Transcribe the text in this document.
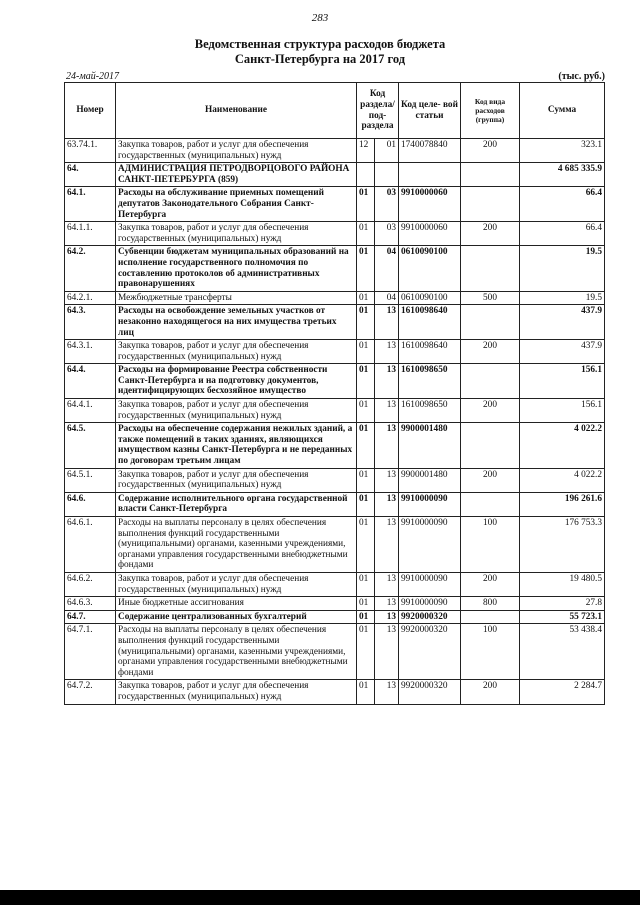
283
Ведомственная структура расходов бюджета
Санкт-Петербурга на 2017 год
24-май-2017	(тыс. руб.)
Номер	Наименование	Код раздела/ под- раздела		Код целе- вой статьи	Код вида расходов (группа)	Сумма
63.74.1.	Закупка товаров, работ и услуг для обеспечения государственных (муниципальных) нужд	12	01	1740078840	200	323.1
64.	АДМИНИСТРАЦИЯ ПЕТРОДВОРЦОВОГО РАЙОНА САНКТ-ПЕТЕРБУРГА (859)					4 685 335.9
64.1.	Расходы на обслуживание приемных помещений депутатов Законодательного Собрания Санкт-Петербурга	01	03	9910000060		66.4
64.1.1.	Закупка товаров, работ и услуг для обеспечения государственных (муниципальных) нужд	01	03	9910000060	200	66.4
64.2.	Субвенции бюджетам муниципальных образований на исполнение государственного полномочия по составлению протоколов об административных правонарушениях	01	04	0610090100		19.5
64.2.1.	Межбюджетные трансферты	01	04	0610090100	500	19.5
64.3.	Расходы на освобождение земельных участков от незаконно находящегося на них имущества третьих лиц	01	13	1610098640		437.9
64.3.1.	Закупка товаров, работ и услуг для обеспечения государственных (муниципальных) нужд	01	13	1610098640	200	437.9
64.4.	Расходы на формирование Реестра собственности Санкт-Петербурга и на подготовку документов, идентифицирующих бесхозяйное имущество	01	13	1610098650		156.1
64.4.1.	Закупка товаров, работ и услуг для обеспечения государственных (муниципальных) нужд	01	13	1610098650	200	156.1
64.5.	Расходы на обеспечение содержания нежилых зданий, а также помещений в таких зданиях, являющихся имуществом казны Санкт-Петербурга и не переданных по договорам третьим лицам	01	13	9900001480		4 022.2
64.5.1.	Закупка товаров, работ и услуг для обеспечения государственных (муниципальных) нужд	01	13	9900001480	200	4 022.2
64.6.	Содержание исполнительного органа государственной власти Санкт-Петербурга	01	13	9910000090		196 261.6
64.6.1.	Расходы на выплаты персоналу в целях обеспечения выполнения функций государственными (муниципальными) органами, казенными учреждениями, органами управления государственными внебюджетными фондами	01	13	9910000090	100	176 753.3
64.6.2.	Закупка товаров, работ и услуг для обеспечения государственных (муниципальных) нужд	01	13	9910000090	200	19 480.5
64.6.3.	Иные бюджетные ассигнования	01	13	9910000090	800	27.8
64.7.	Содержание централизованных бухгалтерий	01	13	9920000320		55 723.1
64.7.1.	Расходы на выплаты персоналу в целях обеспечения выполнения функций государственными (муниципальными) органами, казенными учреждениями, органами управления государственными внебюджетными фондами	01	13	9920000320	100	53 438.4
64.7.2.	Закупка товаров, работ и услуг для обеспечения государственных (муниципальных) нужд	01	13	9920000320	200	2 284.7
